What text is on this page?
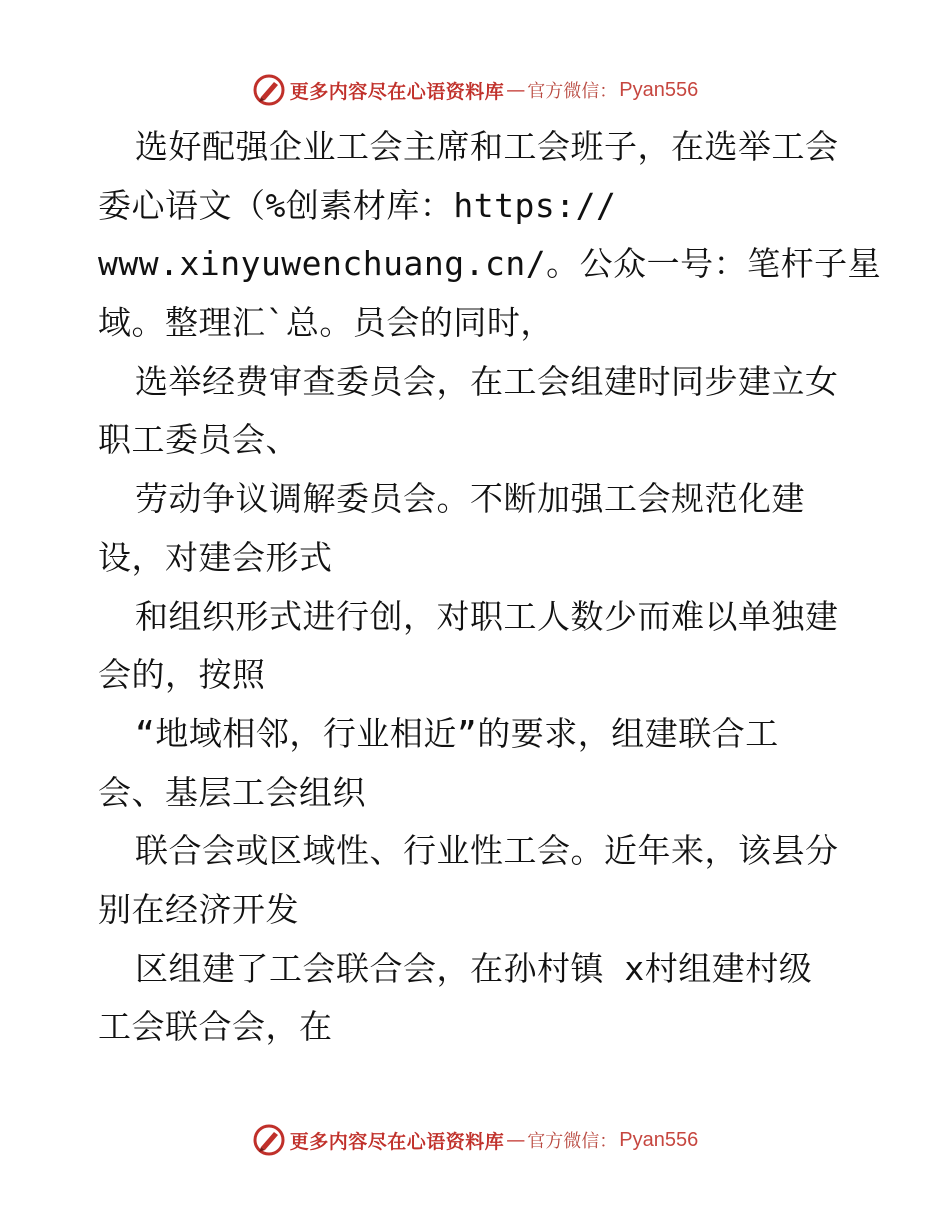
更多内容尽在心语资料库 — 官方微信： Pyan556
选好配强企业工会主席和工会班子，在选举工会
委心语文（%创素材库：https://
www.xinyuwenchuang.cn/。公众一号：笔杆子星
域。整理汇`总。员会的同时，
选举经费审查委员会，在工会组建时同步建立女
职工委员会、
劳动争议调解委员会。不断加强工会规范化建
设，对建会形式
和组织形式进行创，对职工人数少而难以单独建
会的，按照
“地域相邻，行业相近”的要求，组建联合工
会、基层工会组织
联合会或区域性、行业性工会。近年来，该县分
别在经济开发
区组建了工会联合会，在孙村镇 x村组建村级
工会联合会，在
更多内容尽在心语资料库 — 官方微信： Pyan556
